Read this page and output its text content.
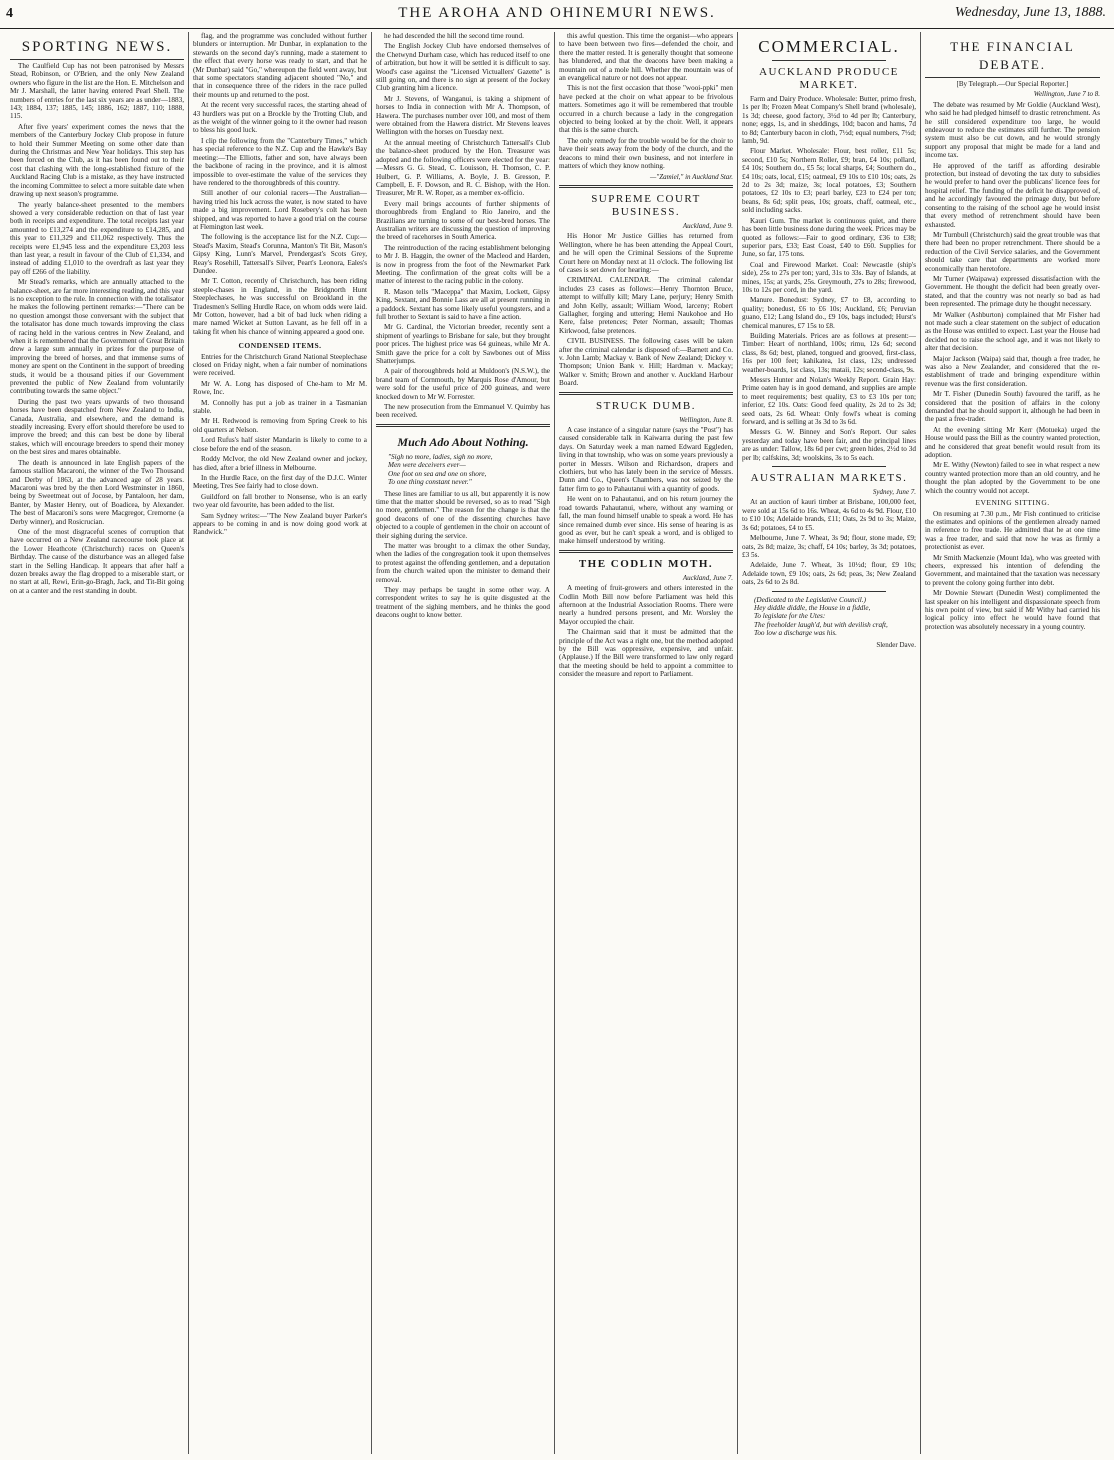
4	THE AROHA AND OHINEMURI NEWS.	Wednesday, June 13, 1888.
SPORTING NEWS.

The Caulfield Cup has not been patronised by Messrs Stead, Robinson, or O'Brien, and the only New Zealand owners who figure in the list are the Hon. E. Mitchelson and Mr J. Marshall, the latter having entered Pearl Shell. The numbers of entries for the last six years are as under—1883, 143; 1884, 137; 1885, 145; 1886, 162; 1887, 110; 1888, 115.

After five years' experiment comes the news that the members of the Canterbury Jockey Club propose in future to hold their Summer Meeting on some other date than during the Christmas and New Year holidays. This step has been forced on the Club, as it has been found out to their cost that clashing with the long-established fixture of the Auckland Racing Club is a mistake, as they have instructed the incoming Committee to select a more suitable date when drawing up next season's programme.

The yearly balance-sheet presented to the members showed a very considerable reduction on that of last year both in receipts and expenditure. The total receipts last year amounted to £13,274 and the expenditure to £14,285, and this year to £11,329 and £11,062 respectively. Thus the receipts were £1,945 less and the expenditure £3,203 less than last year, a result in favour of the Club of £1,334, and instead of adding £1,010 to the overdraft as last year they pay off £266 of the liability.

Mr Stead's remarks, which are annually attached to the balance-sheet, are far more interesting reading, and this year is no exception to the rule. In connection with the totalisator he makes the following pertinent remarks:—"There can be no question amongst those conversant with the subject that the totalisator has done much towards improving the class of racing held in the various centres in New Zealand, and when it is remembered that the Government of Great Britain drew a large sum annually in prizes for the purpose of improving the breed of horses, and that immense sums of money are spent on the Continent in the support of breeding studs, it would be a thousand pities if our Government prevented the public of New Zealand from voluntarily contributing towards the same object."

During the past two years upwards of two thousand horses have been despatched from New Zealand to India, Canada, Australia, and elsewhere, and the demand is steadily increasing. Every effort should therefore be used to improve the breed; and this can best be done by liberal stakes, which will encourage breeders to spend their money on the best sires and mares obtainable.

The death is announced in late English papers of the famous stallion Macaroni, the winner of the Two Thousand and Derby of 1863, at the advanced age of 28 years. Macaroni was bred by the then Lord Westminster in 1860, being by Sweetmeat out of Jocose, by Pantaloon, her dam, Banter, by Master Henry, out of Boadicea, by Alexander. The best of Macaroni's sons were Macgregor, Cremorne (a Derby winner), and Rosicrucian.

One of the most disgraceful scenes of corruption that have occurred on a New Zealand racecourse took place at the Lower Heathcote (Christchurch) races on Queen's Birthday. The cause of the disturbance was an alleged false start in the Selling Handicap. It appears that after half a dozen breaks away the flag dropped to a miserable start, or no start at all, Rewi, Erin-go-Bragh, Jack, and Tit-Bit going on at a canter and the rest standing in doubt.

flag, and the programme was concluded without further blunders or interruption. Mr Dunbar, in explanation to the stewards on the second day's running, made a statement to the effect that every horse was ready to start, and that he (Mr Dunbar) said "Go," whereupon the field went away, but that some spectators standing adjacent shouted "No," and that in consequence three of the riders in the race pulled their mounts up and returned to the post.

At the recent very successful races, the starting ahead of 43 hurdlers was put on a Brockle by the Trotting Club, and as the weight of the winner going to it the owner had reason to bless his good luck.

I clip the following from the "Canterbury Times," which has special reference to the N.Z. Cup and the Hawke's Bay meeting:—The Elliotts, father and son, have always been the backbone of racing in the province, and it is almost impossible to over-estimate the value of the services they have rendered to the thoroughbreds of this country.

Still another of our colonial racers—The Australian—having tried his luck across the water, is now stated to have made a big improvement. Lord Rosebery's colt has been shipped, and was reported to have a good trial on the course at Flemington last week.

The following is the acceptance list for the N.Z. Cup:—Stead's Maxim, Stead's Corunna, Manton's Tit Bit, Mason's Gipsy King, Lunn's Marvel, Prendergast's Scots Grey, Reay's Rosehill, Tattersall's Silver, Peart's Leonora, Eales's Dundee.

Mr T. Cotton, recently of Christchurch, has been riding steeple-chases in England, in the Bridgnorth Hunt Steeplechases, he was successful on Brookland in the Tradesmen's Selling Hurdle Race, on whom odds were laid. Mr Cotton, however, had a bit of bad luck when riding a mare named Wicket at Sutton Lavant, as he fell off in a taking fit when his chance of winning appeared a good one.

CONDENSED ITEMS.

Entries for the Christchurch Grand National Steeplechase closed on Friday night, when a fair number of nominations were received.

Mr W. A. Long has disposed of Che-ham to Mr M. Rowe, Inc.

M. Connolly has put a job as trainer in a Tasmanian stable.

Mr H. Redwood is removing from Spring Creek to his old quarters at Nelson.

Lord Rufus's half sister Mandarin is likely to come to a close before the end of the season.

Roddy McIvor, the old New Zealand owner and jockey, has died, after a brief illness in Melbourne.

In the Hurdle Race, on the first day of the D.J.C. Winter Meeting, Tres See fairly had to close down.

Guildford on fall brother to Nonsense, who is an early two year old favourite, has been added to the list.

Sam Sydney writes:—"The New Zealand buyer Parker's appears to be coming in and is now doing good work at Randwick."

he had descended the hill the second time round.

The English Jockey Club have endorsed themselves of the Chetwynd Durham case, which has reduced itself to one of arbitration, but how it will be settled it is difficult to say. Wood's case against the "Licensed Victuallers' Gazette" is still going on, and there is no sign at present of the Jockey Club granting him a licence.

Mr J. Stevens, of Wanganui, is taking a shipment of horses to India in connection with Mr A. Thompson, of Hawera. The purchases number over 100, and most of them were obtained from the Hawera district. Mr Stevens leaves Wellington with the horses on Tuesday next.

At the annual meeting of Christchurch Tattersall's Club the balance-sheet produced by the Hon. Treasurer was adopted and the following officers were elected for the year:—Messrs G. G. Stead, C. Louisson, H. Thomson, C. P. Hulbert, G. P. Williams, A. Boyle, J. B. Gresson, P. Campbell, E. F. Dowson, and R. C. Bishop, with the Hon. Treasurer, Mr R. W. Roper, as a member ex-officio.

Every mail brings accounts of further shipments of thoroughbreds from England to Rio Janeiro, and the Brazilians are turning to some of our best-bred horses. The Australian writers are discussing the question of improving the breed of racehorses in South America.

The reintroduction of the racing establishment belonging to Mr J. B. Haggin, the owner of the Macleod and Harden, is now in progress from the foot of the Newmarket Park Meeting. The confirmation of the great colts will be a matter of interest to the racing public in the colony.

R. Mason tells "Maceppa" that Maxim, Lockett, Gipsy King, Sextant, and Bonnie Lass are all at present running in a paddock. Sextant has some likely useful youngsters, and a full brother to Sextant is said to have a fine action.

Mr G. Cardinal, the Victorian breeder, recently sent a shipment of yearlings to Brisbane for sale, but they brought poor prices. The highest price was 64 guineas, while Mr A. Smith gave the price for a colt by Sawbones out of Miss Shatterjumps.

A pair of thoroughbreds hold at Muldoon's (N.S.W.), the brand team of Cornmouth, by Marquis Rose d'Amour, but were sold for the useful price of 200 guineas, and were knocked down to Mr W. Forrester.

The new prosecution from the Emmanuel V. Quimby has been received.

Much Ado About Nothing.
"Sigh no more, ladies, sigh no more,
Men were deceivers ever—
One foot on sea and one on shore,
To one thing constant never."

These lines are familiar to us all, but apparently it is now time that the matter should be reversed, so as to read "Sigh no more, gentlemen." The reason for the change is that the good deacons of one of the dissenting churches have objected to a couple of gentlemen in the choir on account of their sighing during the service.

The matter was brought to a climax the other Sunday, when the ladies of the congregation took it upon themselves to protest against the offending gentlemen, and a deputation from the church waited upon the minister to demand their removal.

They may perhaps be taught in some other way. A correspondent writes to say he is quite disgusted at the treatment of the sighing members, and he thinks the good deacons ought to know better.

this awful question. This time the organist—who appears to have been between two fires—defended the choir, and there the matter rested. It is generally thought that someone has blundered, and that the deacons have been making a mountain out of a mole hill. Whether the mountain was of an evangelical nature or not does not appear.

This is not the first occasion that those "wooi-ppki" men have pecked at the choir on what appear to be frivolous matters. Sometimes ago it will be remembered that trouble occurred in a church because a lady in the congregation objected to being looked at by the choir. Well, it appears that this is the same church.

The only remedy for the trouble would be for the choir to have their seats away from the body of the church, and the deacons to mind their own business, and not interfere in matters of which they know nothing.

—"Zamiel," in Auckland Star.
SUPREME COURT BUSINESS.
Auckland, June 9.

His Honor Mr Justice Gillies has returned from Wellington, where he has been attending the Appeal Court, and he will open the Criminal Sessions of the Supreme Court here on Monday next at 11 o'clock. The following list of cases is set down for hearing:—

CRIMINAL CALENDAR. The criminal calendar includes 23 cases as follows:—Henry Thornton Bruce, attempt to wilfully kill; Mary Lane, perjury; Henry Smith and John Kelly, assault; William Wood, larceny; Robert Gallagher, forging and uttering; Hemi Naukohoe and Ho Kere, false pretences; Peter Norman, assault; Thomas Kirkwood, false pretences.

CIVIL BUSINESS. The following cases will be taken after the criminal calendar is disposed of:—Barnett and Co. v. John Lamb; Mackay v. Bank of New Zealand; Dickey v. Thompson; Union Bank v. Hill; Hardman v. Mackay; Walker v. Smith; Brown and another v. Auckland Harbour Board.

STRUCK DUMB.
Wellington, June 8.

A case instance of a singular nature (says the "Post") has caused considerable talk in Kaiwarra during the past few days. On Saturday week a man named Edward Eggleden, living in that township, who was on some years previously a porter in Messrs. Wilson and Richardson, drapers and clothiers, but who has lately been in the service of Messrs. Dunn and Co., Queen's Chambers, was not seized by the fatter firm to go to Pahautanui with a quantity of goods.

He went on to Pahautanui, and on his return journey the road towards Pahautanui, where, without any warning or fall, the man found himself unable to speak a word. He has since remained dumb ever since. His sense of hearing is as good as ever, but he can't speak a word, and is obliged to make himself understood by writing.

THE CODLIN MOTH.
Auckland, June 7.

A meeting of fruit-growers and others interested in the Codlin Moth Bill now before Parliament was held this afternoon at the Industrial Association Rooms. There were nearly a hundred persons present, and Mr. Worsley the Mayor occupied the chair.

The Chairman said that it must be admitted that the principle of the Act was a right one, but the method adopted by the Bill was oppressive, expensive, and unfair. (Applause.) If the Bill were transformed to law only regard that the meeting should be held to appoint a committee to consider the measure and report to Parliament.

COMMERCIAL.
AUCKLAND PRODUCE MARKET.

Farm and Dairy Produce. Wholesale: Butter, primo fresh, 1s per lb; Frozen Meat Company's Shell brand (wholesale), 1s 3d; cheese, good factory, 3½d to 4d per lb; Canterbury, none; eggs, 1s, and in sheddings, 10d; bacon and hams, 7d to 8d; Canterbury bacon in cloth, 7½d; equal numbers, 7½d; lamb, 9d.

Flour Market. Wholesale: Flour, best roller, £11 5s; second, £10 5s; Northern Roller, £9; bran, £4 10s; pollard, £4 10s; Southern do., £5 5s; local sharps, £4; Southern do., £4 10s; oats, local, £15; oatmeal, £9 10s to £10 10s; oats, 2s 2d to 2s 3d; maize, 3s; local potatoes, £3; Southern potatoes, £2 10s to £3; pearl barley, £23 to £24 per ton; beans, 8s 6d; split peas, 10s; groats, chaff, oatmeal, etc., sold including sacks.

Kauri Gum. The market is continuous quiet, and there has been little business done during the week. Prices may be quoted as follows:—Fair to good ordinary, £36 to £38; superior pars, £33; East Coast, £40 to £60. Supplies for June, so far, 175 tons.

Coal and Firewood Market. Coal: Newcastle (ship's side), 25s to 27s per ton; yard, 31s to 33s. Bay of Islands, at mines, 15s; at yards, 25s. Greymouth, 27s to 28s; firewood, 10s to 12s per cord, in the yard.

Manure. Bonedust: Sydney, £7 to £8, according to quality; bonedust, £6 to £6 10s; Auckland, £6; Peruvian guano, £12; Lang Island do., £9 10s, bags included; Hurst's chemical manures, £7 15s to £8.

Building Materials. Prices are as follows at present:—Timber: Heart of northland, 100s; rimu, 12s 6d; second class, 8s 6d; best, planed, tongued and grooved, first-class, 16s per 100 feet; kahikatea, 1st class, 12s; undressed weather-boards, 1st class, 13s; mataii, 12s; second-class, 9s.

Messrs Hunter and Nolan's Weekly Report. Grain Hay: Prime oaten hay is in good demand, and supplies are ample to meet requirements; best quality, £3 to £3 10s per ton; inferior, £2 10s. Oats: Good feed quality, 2s 2d to 2s 3d; seed oats, 2s 6d. Wheat: Only fowl's wheat is coming forward, and is selling at 3s 3d to 3s 6d.

Messrs G. W. Binney and Son's Report. Our sales yesterday and today have been fair, and the principal lines are as under: Tallow, 18s 6d per cwt; green hides, 2½d to 3d per lb; calfskins, 3d; woolskins, 3s to 5s each.

AUSTRALIAN MARKETS.
Sydney, June 7.

At an auction of kauri timber at Brisbane, 100,000 feet, were sold at 15s 6d to 16s. Wheat, 4s 6d to 4s 9d. Flour, £10 to £10 10s; Adelaide brands, £11; Oats, 2s 9d to 3s; Maize, 3s 6d; potatoes, £4 to £5.

Melbourne, June 7. Wheat, 3s 9d; flour, stone made, £9; oats, 2s 8d; maize, 3s; chaff, £4 10s; barley, 3s 3d; potatoes, £3 5s.

Adelaide, June 7. Wheat, 3s 10½d; flour, £9 10s; Adelaide town, £9 10s; oats, 2s 6d; peas, 3s; New Zealand oats, 2s 6d to 2s 8d.

(Dedicated to the Legislative Council.)
Hey diddle diddle, the House in a fiddle,
To legislate for the Utes:
The freeholder laugh'd, but with devilish craft,
Too low a discharge was his.
Slender Dave.
THE FINANCIAL DEBATE.
[By Telegraph.—Our Special Reporter.]
Wellington, June 7 to 8.

The debate was resumed by Mr Goldie (Auckland West), who said he had pledged himself to drastic retrenchment. As he still considered expenditure too large, he would endeavour to reduce the estimates still further. The pension system must also be cut down, and he would strongly support any proposal that might be made for a land and income tax.

He approved of the tariff as affording desirable protection, but instead of devoting the tax duty to subsidies he would prefer to hand over the publicans' licence fees for hospital relief. The funding of the deficit he disapproved of, and he accordingly favoured the primage duty, but before consenting to the raising of the school age he would insist that every method of retrenchment should have been exhausted.

Mr Turnbull (Christchurch) said the great trouble was that there had been no proper retrenchment. There should be a reduction of the Civil Service salaries, and the Government should take care that departments are worked more economically than heretofore.

Mr Turner (Waipawa) expressed dissatisfaction with the Government. He thought the deficit had been greatly over-stated, and that the country was not nearly so bad as had been represented. The primage duty he thought necessary.

Mr Walker (Ashburton) complained that Mr Fisher had not made such a clear statement on the subject of education as the House was entitled to expect. Last year the House had decided not to raise the school age, and it was not likely to alter that decision.

Major Jackson (Waipa) said that, though a free trader, he was also a New Zealander, and considered that the re-establishment of trade and bringing expenditure within revenue was the first consideration.

Mr T. Fisher (Dunedin South) favoured the tariff, as he considered that the position of affairs in the colony demanded that he should support it, although he had been in the past a free-trader.

At the evening sitting Mr Kerr (Motueka) urged the House would pass the Bill as the country wanted protection, and he considered that great benefit would result from its adoption.

Mr E. Withy (Newton) failed to see in what respect a new country wanted protection more than an old country, and he thought the plan adopted by the Government to be one which the country would not accept.

EVENING SITTING.

On resuming at 7.30 p.m., Mr Fish continued to criticise the estimates and opinions of the gentlemen already named in reference to free trade. He admitted that he at one time was a free trader, and said that now he was as firmly a protectionist as ever.

Mr Smith Mackenzie (Mount Ida), who was greeted with cheers, expressed his intention of defending the Government, and maintained that the taxation was necessary to prevent the colony going further into debt.

Mr Downie Stewart (Dunedin West) complimented the last speaker on his intelligent and dispassionate speech from his own point of view, but said if Mr Withy had carried his logical policy into effect he would have found that protection was absolutely necessary in a young country.
